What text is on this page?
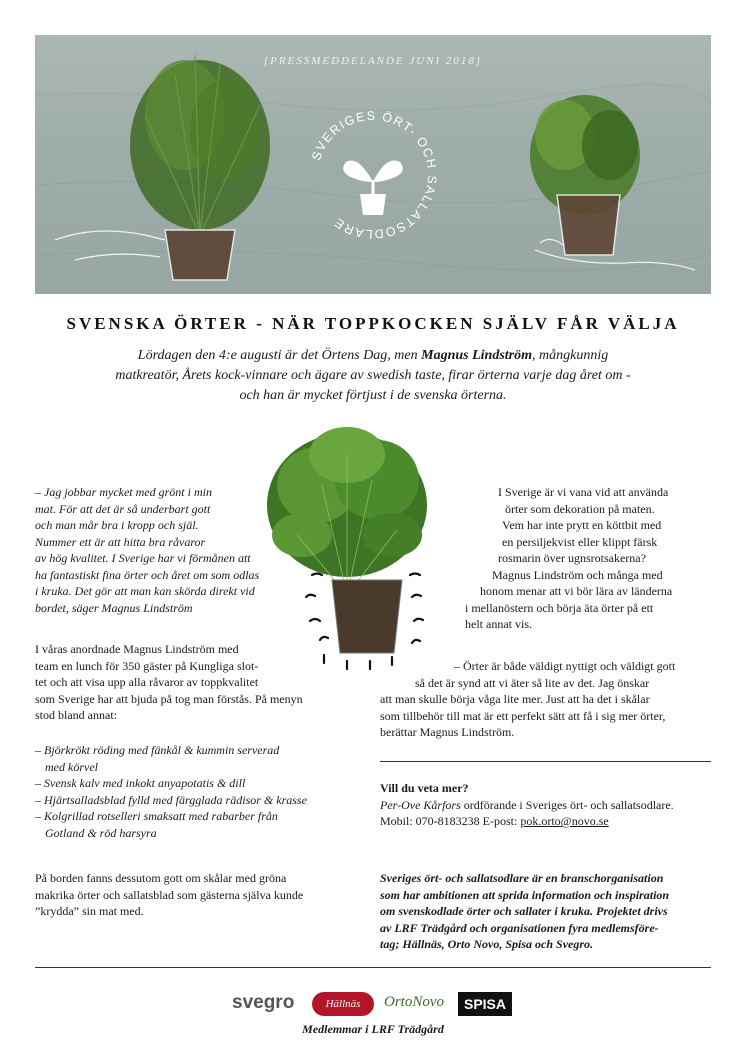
[PRESSMEDDELANDE JUNI 2018]
SVERIGES ÖRT- OCH SALLATSODLARE
SVENSKA ÖRTER - NÄR TOPPKOCKEN SJÄLV FÅR VÄLJA
Lördagen den 4:e augusti är det Örtens Dag, men Magnus Lindström, mångkunnig
matkreatör, Årets kock-vinnare och ägare av swedish taste, firar örterna varje dag året om -
och han är mycket förtjust i de svenska örterna.
– Jag jobbar mycket med grönt i min
mat. För att det är så underbart gott
och man mår bra i kropp och själ.
Nummer ett är att hitta bra råvaror
av hög kvalitet. I Sverige har vi förmånen att
ha fantastiskt fina örter och året om som odlas
i kruka. Det gör att man kan skörda direkt vid
bordet, säger Magnus Lindström
I våras anordnade Magnus Lindström med
team en lunch för 350 gäster på Kungliga slot-
tet och att visa upp alla råvaror av toppkvalitet
som Sverige har att bjuda på tog man förstås. På menyn
stod bland annat:
– Björkrökt röding med fänkål & kummin serverad
med körvel
– Svensk kalv med inkokt anyapotatis & dill
– Hjärtsalladsblad fylld med färgglada rädisor & krasse
– Kolgrillad rotselleri smaksatt med rabarber från
Gotland & röd harsyra
På borden fanns dessutom gott om skålar med gröna
makrika örter och sallatsblad som gästerna själva kunde
”krydda” sin mat med.
I Sverige är vi vana vid att använda
örter som dekoration på maten.
Vem har inte prytt en köttbit med
en persiljekvist eller klippt färsk
rosmarin över ugnsrotsakerna?
Magnus Lindström och många med
honom menar att vi bör lära av länderna
i mellanöstern och börja äta örter på ett
helt annat vis.
– Örter är både väldigt nyttigt och väldigt gott
så det är synd att vi äter så lite av det. Jag önskar
att man skulle börja våga lite mer. Just att ha det i skålar
som tillbehör till mat är ett perfekt sätt att få i sig mer örter,
berättar Magnus Lindström.
Vill du veta mer?
Per-Ove Kårfors ordförande i Sveriges ört- och sallatsodlare.
Mobil: 070-8183238 E-post: pok.orto@novo.se
Sveriges ört- och sallatsodlare är en branschorganisation
som har ambitionen att sprida information och inspiration
om svenskodlade örter och sallater i kruka. Projektet drivs
av LRF Trädgård och organisationen fyra medlemsföre-
tag; Hällnäs, Orto Novo, Spisa och Svegro.
svegro	Hällnäs	OrtoNovo	SPISA
Medlemmar i LRF Trädgård
